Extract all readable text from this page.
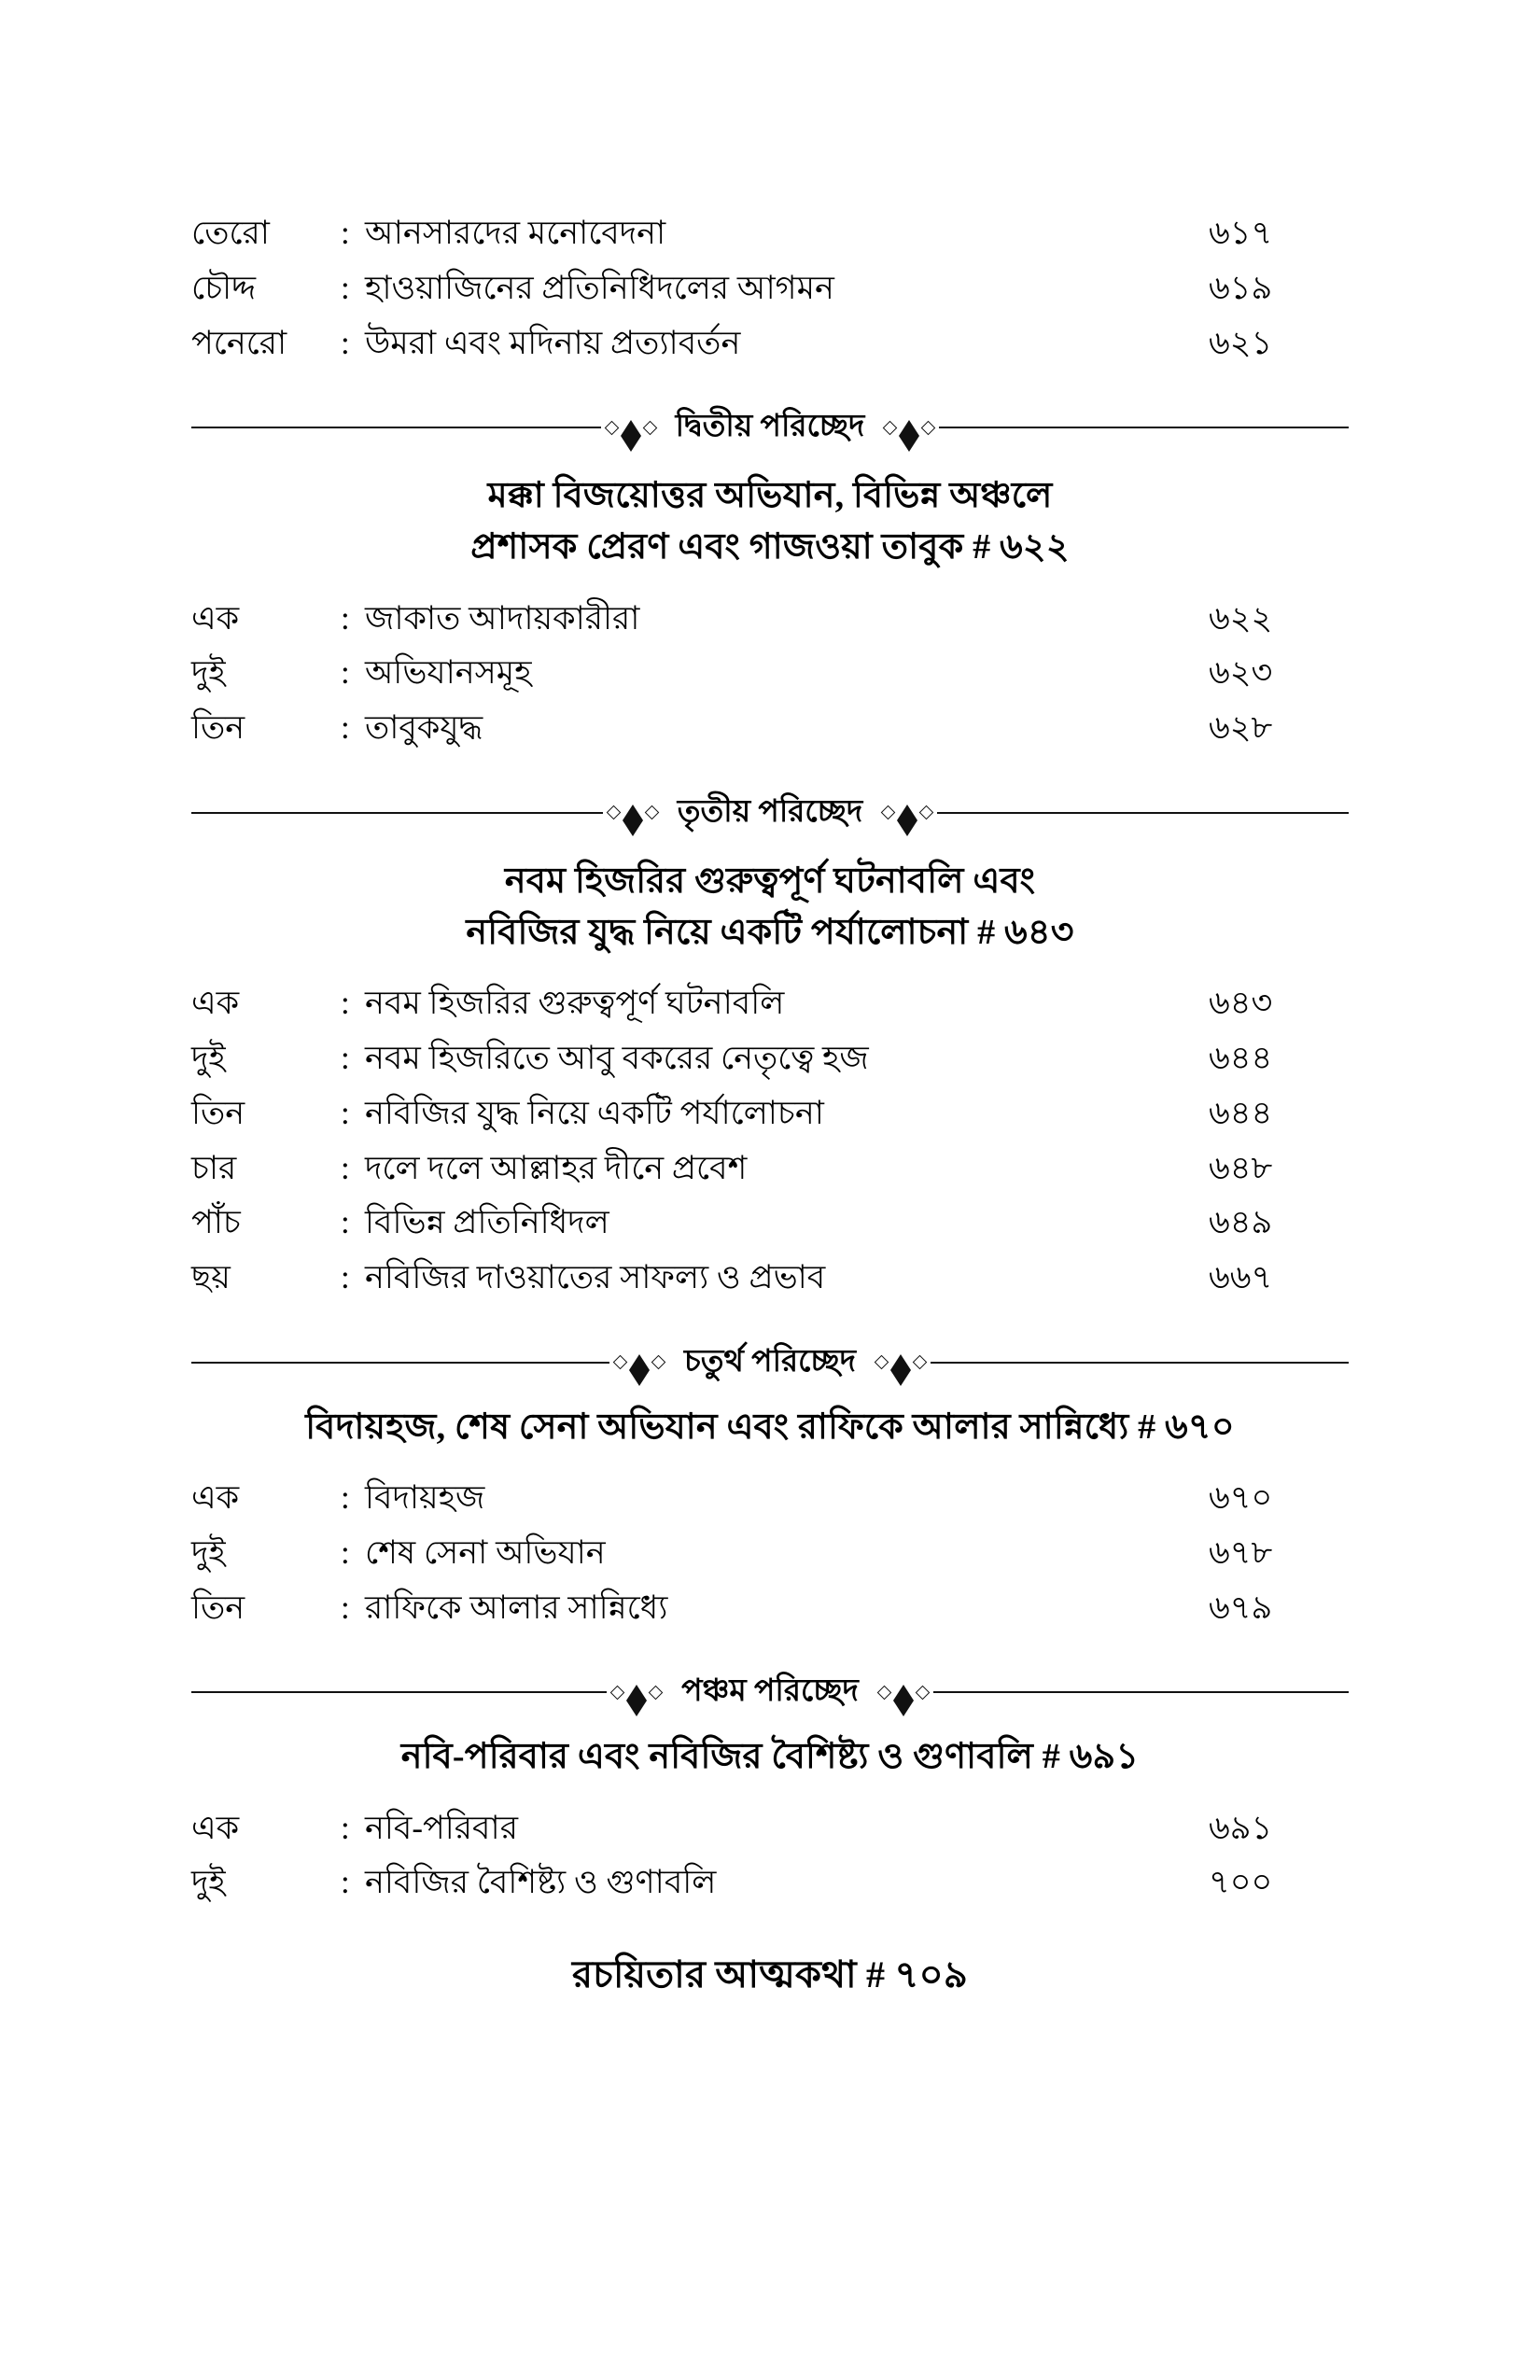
তেরো	: আনসারদের মনোবেদনা	৬১৭
চৌদ্দ	: হাওয়াজিনের প্রতিনিধিদলের আগমন	৬১৯
পনেরো	: উমরা এবং মদিনায় প্রত্যাবর্তন	৬২১
দ্বিতীয় পরিচ্ছেদ
মক্কা বিজয়োত্তর অভিযান, বিভিন্ন অঞ্চলে
প্রশাসক প্রেরণ এবং গাজওয়া তাবুক # ৬২২
এক	: জাকাত আদায়কারীরা	৬২২
দুই	: অভিযানসমূহ	৬২৩
তিন	: তাবুকযুদ্ধ	৬২৮
তৃতীয় পরিচ্ছেদ
নবম হিজরির গুরুত্বপূর্ণ ঘটনাবলি এবং
নবিজির যুদ্ধ নিয়ে একটি পর্যালোচনা # ৬৪৩
এক	: নবম হিজরির গুরুত্বপূর্ণ ঘটনাবলি	৬৪৩
দুই	: নবম হিজরিতে আবু বকরের নেতৃত্বে হজ	৬৪৪
তিন	: নবিজির যুদ্ধ নিয়ে একটি পর্যালোচনা	৬৪৪
চার	: দলে দলে আল্লাহর দীনে প্রবেশ	৬৪৮
পাঁচ	: বিভিন্ন প্রতিনিধিদল	৬৪৯
ছয়	: নবিজির দাওয়াতের সাফল্য ও প্রভাব	৬৬৭
চতুর্থ পরিচ্ছেদ
বিদায়হজ, শেষ সেনা অভিযান এবং রাফিকে আলার সান্নিধ্যে # ৬৭০
এক	: বিদায়হজ	৬৭০
দুই	: শেষ সেনা অভিযান	৬৭৮
তিন	: রাফিকে আলার সান্নিধ্যে	৬৭৯
পঞ্চম পরিচ্ছেদ
নবি-পরিবার এবং নবিজির বৈশিষ্ট্য ও গুণাবলি # ৬৯১
এক	: নবি-পরিবার	৬৯১
দুই	: নবিজির বৈশিষ্ট্য ও গুণাবলি	৭০০
রচয়িতার আত্মকথা # ৭০৯
